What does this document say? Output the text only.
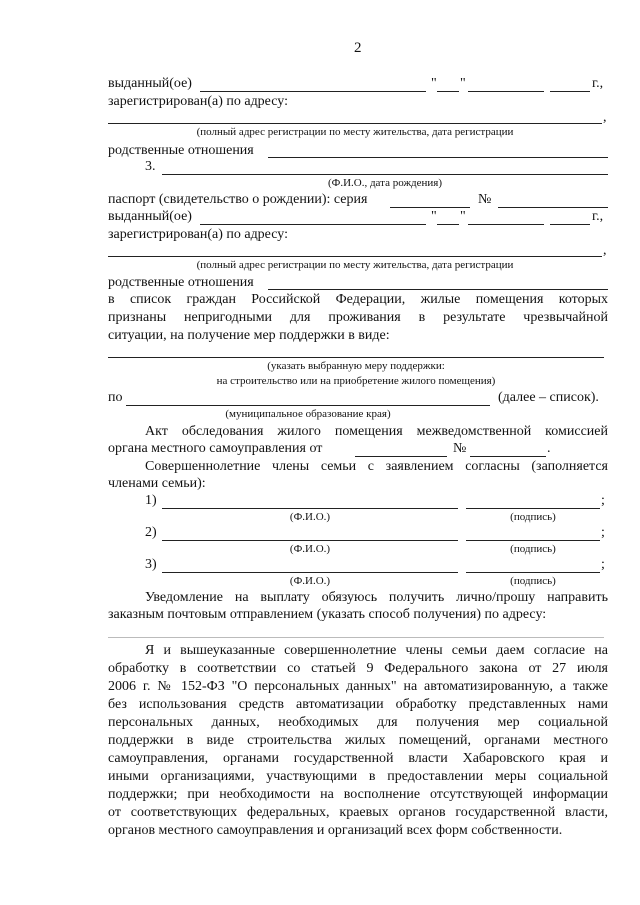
2
выданный(ое)	" "	г.,
зарегистрирован(а) по адресу:
,
(полный адрес регистрации по месту жительства, дата регистрации
родственные отношения
3.
(Ф.И.О., дата рождения)
паспорт (свидетельство о рождении): серия	№
выданный(ое)	" "	г.,
зарегистрирован(а) по адресу:
,
(полный адрес регистрации по месту жительства, дата регистрации
родственные отношения
в список граждан Российской Федерации, жилые помещения которых
признаны непригодными для проживания в результате чрезвычайной
ситуации, на получение мер поддержки в виде:
(указать выбранную меру поддержки:
на строительство или на приобретение жилого помещения)
по	(далее – список).
(муниципальное образование края)
Акт обследования жилого помещения межведомственной комиссией
органа местного самоуправления от	№	.
Совершеннолетние члены семьи с заявлением согласны (заполняется
членами семьи):
1)	;
(Ф.И.О.)	(подпись)
2)	;
(Ф.И.О.)	(подпись)
3)	;
(Ф.И.О.)	(подпись)
Уведомление на выплату обязуюсь получить лично/прошу направить
заказным почтовым отправлением (указать способ получения) по адресу:
Я и вышеуказанные совершеннолетние члены семьи даем согласие на
обработку в соответствии со статьей 9 Федерального закона от 27 июля
2006 г. № 152-ФЗ "О персональных данных" на автоматизированную, а также
без использования средств автоматизации обработку представленных нами
персональных данных, необходимых для получения мер социальной
поддержки в виде строительства жилых помещений, органами местного
самоуправления, органами государственной власти Хабаровского края и
иными организациями, участвующими в предоставлении меры социальной
поддержки; при необходимости на восполнение отсутствующей информации
от соответствующих федеральных, краевых органов государственной власти,
органов местного самоуправления и организаций всех форм собственности.
